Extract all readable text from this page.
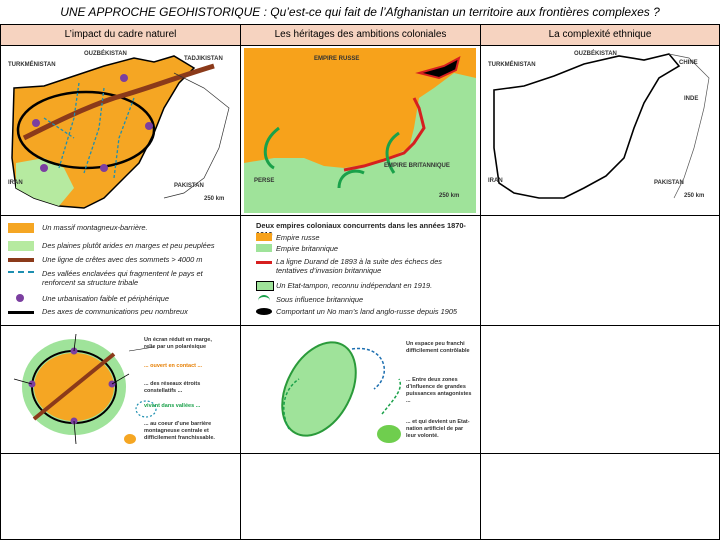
UNE APPROCHE GEOHISTORIQUE : Qu’est-ce qui fait de l’Afghanistan un territoire aux frontières complexes ?
L’impact du cadre naturel	Les héritages des ambitions coloniales	La complexité ethnique
TURKMÉNISTAN
OUZBÉKISTAN
TADJIKISTAN
IRAN	PAKISTAN
250 km
EMPIRE RUSSE
EMPIRE BRITANNIQUE
PERSE
250 km
TURKMÉNISTAN
OUZBÉKISTAN
CHINE
INDE
IRAN	PAKISTAN
250 km
Un massif montagneux-barrière.
Des plaines plutôt arides en marges et peu peuplées
Une ligne de crêtes avec des sommets > 4000 m
Des vallées enclavées qui fragmentent le pays et renforcent sa structure tribale
Une urbanisation faible et périphérique
Des axes de communications peu nombreux
Deux empires coloniaux concurrents dans les années 1870-
Empire russe
Empire britannique
La ligne Durand de 1893 à la suite des échecs des tentatives d’invasion britannique
Un Etat-tampon, reconnu indépendant en 1919.
Sous influence britannique
Comportant un No man’s land anglo-russe depuis 1905
Un écran réduit en marge, relie par un polarésique
... ouvert en contact ...
... des réseaux étroits constellatifs ...
vivant dans vallées ...
... au coeur d’une barrière montagneuse centrale et difficilement franchissable.
Un espace peu franchi difficilement contrôlable
... Entre deux zones d’influence de grandes puissances antagonistes ...
... et qui devient un Etat-nation artificiel de par leur volonté.
